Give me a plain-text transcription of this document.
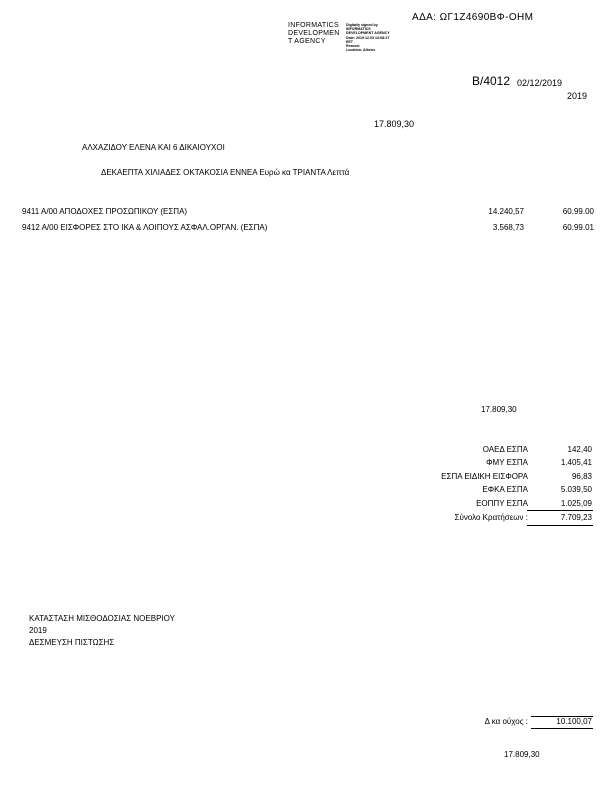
ΑΔΑ: ΩΓ1Ζ4690ΒΦ-ΟΗΜ
INFORMATICS
DEVELOPMEN
T AGENCY
Digitally signed by
INFORMATICS
DEVELOPMENT AGENCY
Date: 2019.12.03 13:08:27
EET
Reason:
Location: Athens
Β/4012 02/12/2019
2019
17.809,30
ΑΛΧΑΖΙΔΟΥ ΕΛΕΝΑ ΚΑΙ 6 ΔΙΚΑΙΟΥΧΟΙ
ΔΕΚΑΕΠΤΑ ΧΙΛΙΑΔΕΣ ΟΚΤΑΚΟΣΙΑ ΕΝΝΕΑ Ευρώ κα ΤΡΙΑΝΤΑ Λεπτά
9411 Α/00 ΑΠΟΔΟΧΕΣ ΠΡΟΣΩΠΙΚΟΥ (ΕΣΠΑ)	14.240,57	60.99.00
9412 Α/00 ΕΙΣΦΟΡΕΣ ΣΤΟ ΙΚΑ & ΛΟΙΠΟΥΣ ΑΣΦΑΛ.ΟΡΓΑΝ. (ΕΣΠΑ)	3.568,73	60.99.01
17.809,30
ΟΑΕΔ ΕΣΠΑ	142,40
ΦΜΥ ΕΣΠΑ	1.405,41
ΕΣΠΑ ΕΙΔΙΚΗ ΕΙΣΦΟΡΑ	96,83
ΕΦΚΑ ΕΣΠΑ	5.039,50
ΕΟΠΠΥ ΕΣΠΑ	1.025,09
Σύνολο Κρατήσεων :	7.709,23
ΚΑΤΑΣΤΑΣΗ ΜΙΣΘΟΔΟΣΙΑΣ ΝΟΕΒΡΙΟΥ
2019
ΔΕΣΜΕΥΣΗ ΠΙΣΤΩΣΗΣ
Δ κα ούχος :	10.100,07
17.809,30
